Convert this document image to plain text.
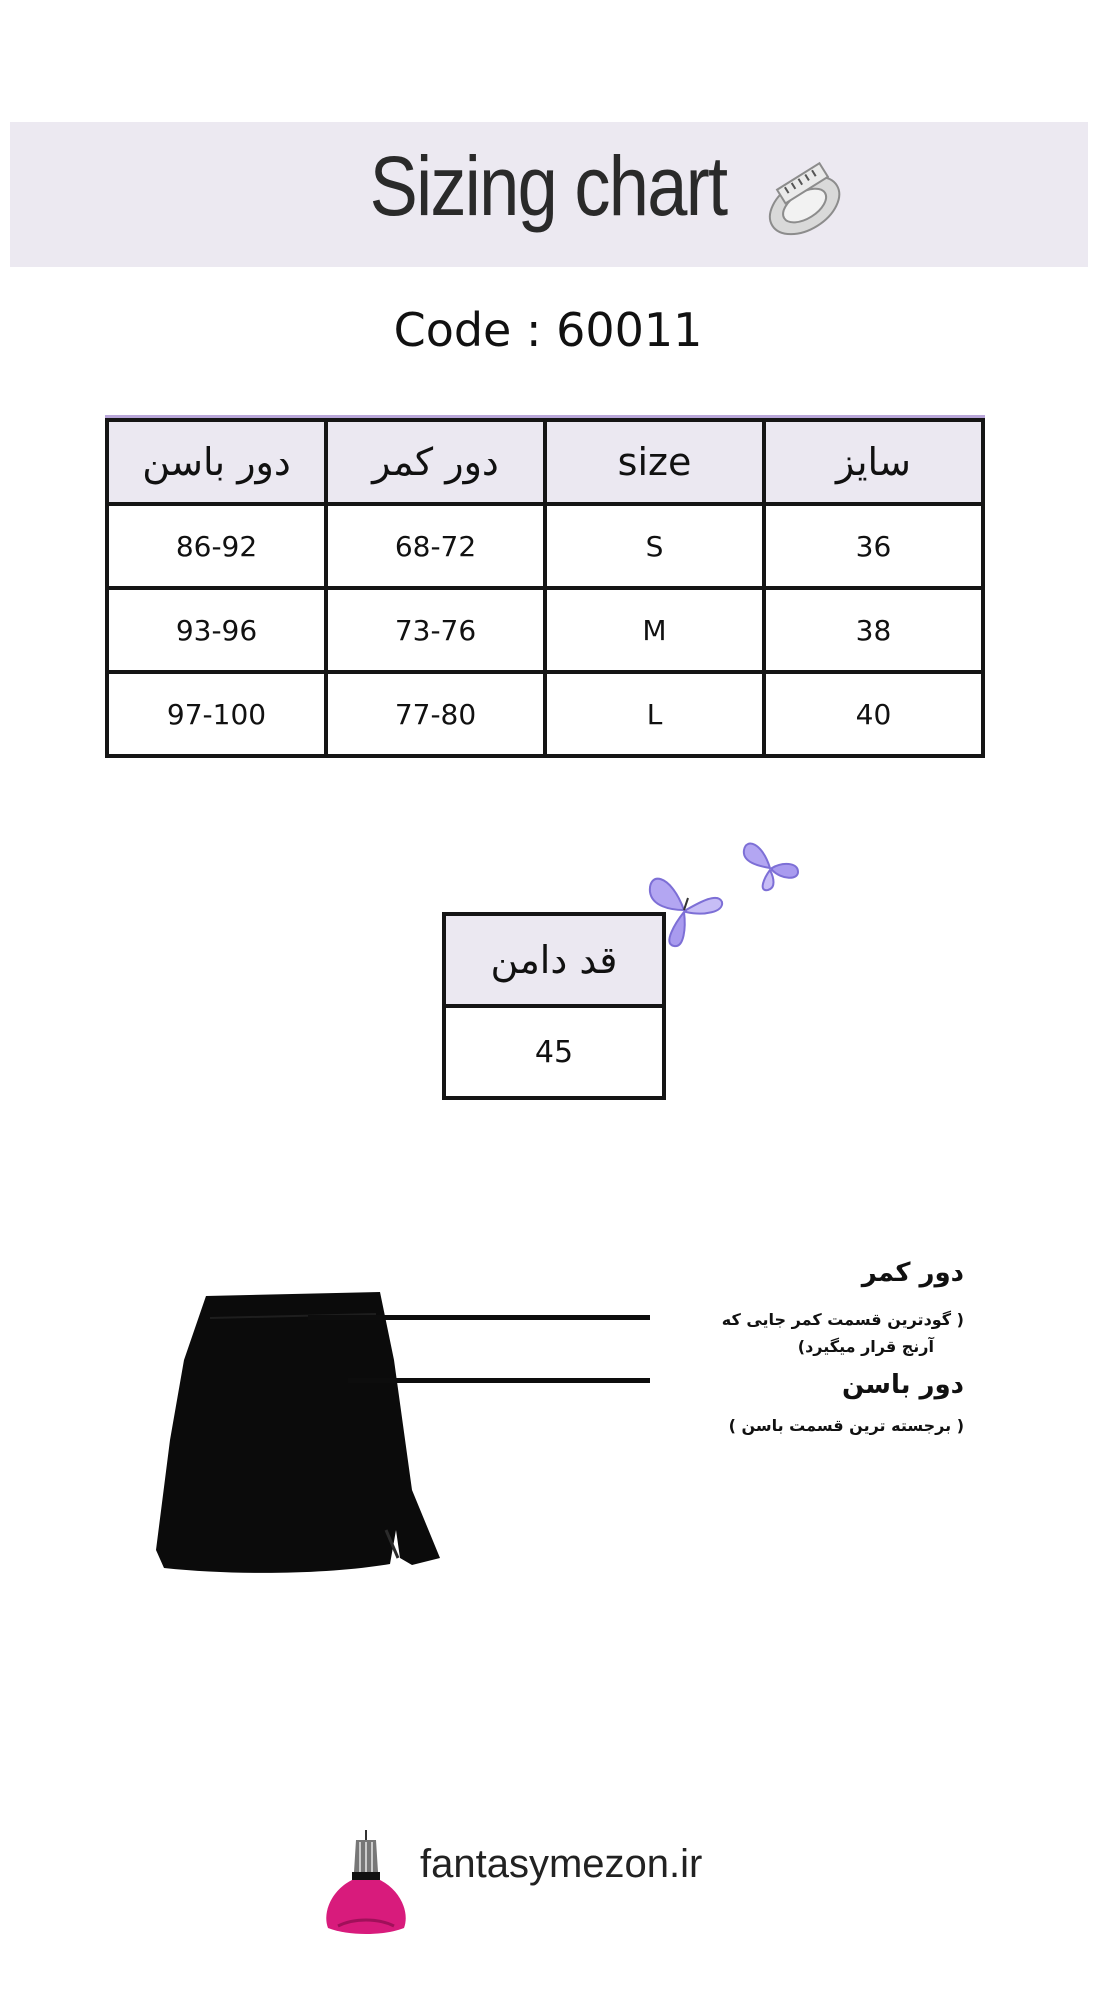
Sizing chart
Code : 60011
دور باسن	دور کمر	size	سایز
86-92	68-72	S	36
93-96	73-76	M	38
97-100	77-80	L	40
قد دامن
45
دور کمر
( گودترین قسمت کمر جایی که
آرنج قرار میگیرد)
دور باسن
( برجسته ترین قسمت باسن )
fantasymezon.ir
